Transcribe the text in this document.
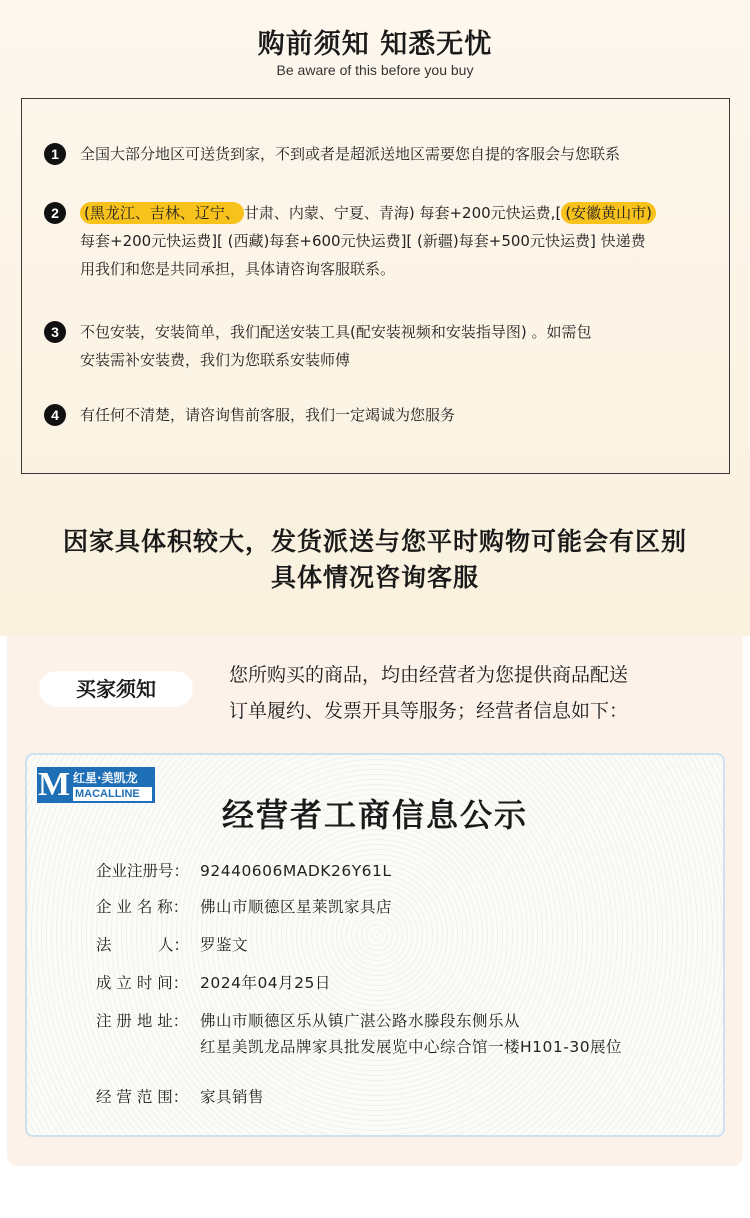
购前须知 知悉无忧
Be aware of this before you buy
1	全国大部分地区可送货到家，不到或者是超派送地区需要您自提的客服会与您联系
2	(黑龙江、吉林、辽宁、 甘肃、内蒙、宁夏、青海) 每套+200元快运费,[ (安徽黄山市)
每套+200元快运费][ (西藏)每套+600元快运费][ (新疆)每套+500元快运费] 快递费
用我们和您是共同承担，具体请咨询客服联系。
3	不包安装，安装简单，我们配送安装工具(配安装视频和安装指导图) 。如需包
安装需补安装费，我们为您联系安装师傅
4	有任何不清楚，请咨询售前客服，我们一定竭诚为您服务
因家具体积较大，发货派送与您平时购物可能会有区别
具体情况咨询客服
买家须知
您所购买的商品，均由经营者为您提供商品配送
订单履约、发票开具等服务；经营者信息如下：
M 红星·美凯龙
MACALLINE
经营者工商信息公示
企业注册号： 92440606MADK26Y61L
企 业 名 称： 佛山市顺德区星莱凯家具店
法　　　人： 罗鉴文
成 立 时 间： 2024年04月25日
注 册 地 址： 佛山市顺德区乐从镇广湛公路水滕段东侧乐从
红星美凯龙品牌家具批发展览中心综合馆一楼H101-30展位
经 营 范 围： 家具销售
